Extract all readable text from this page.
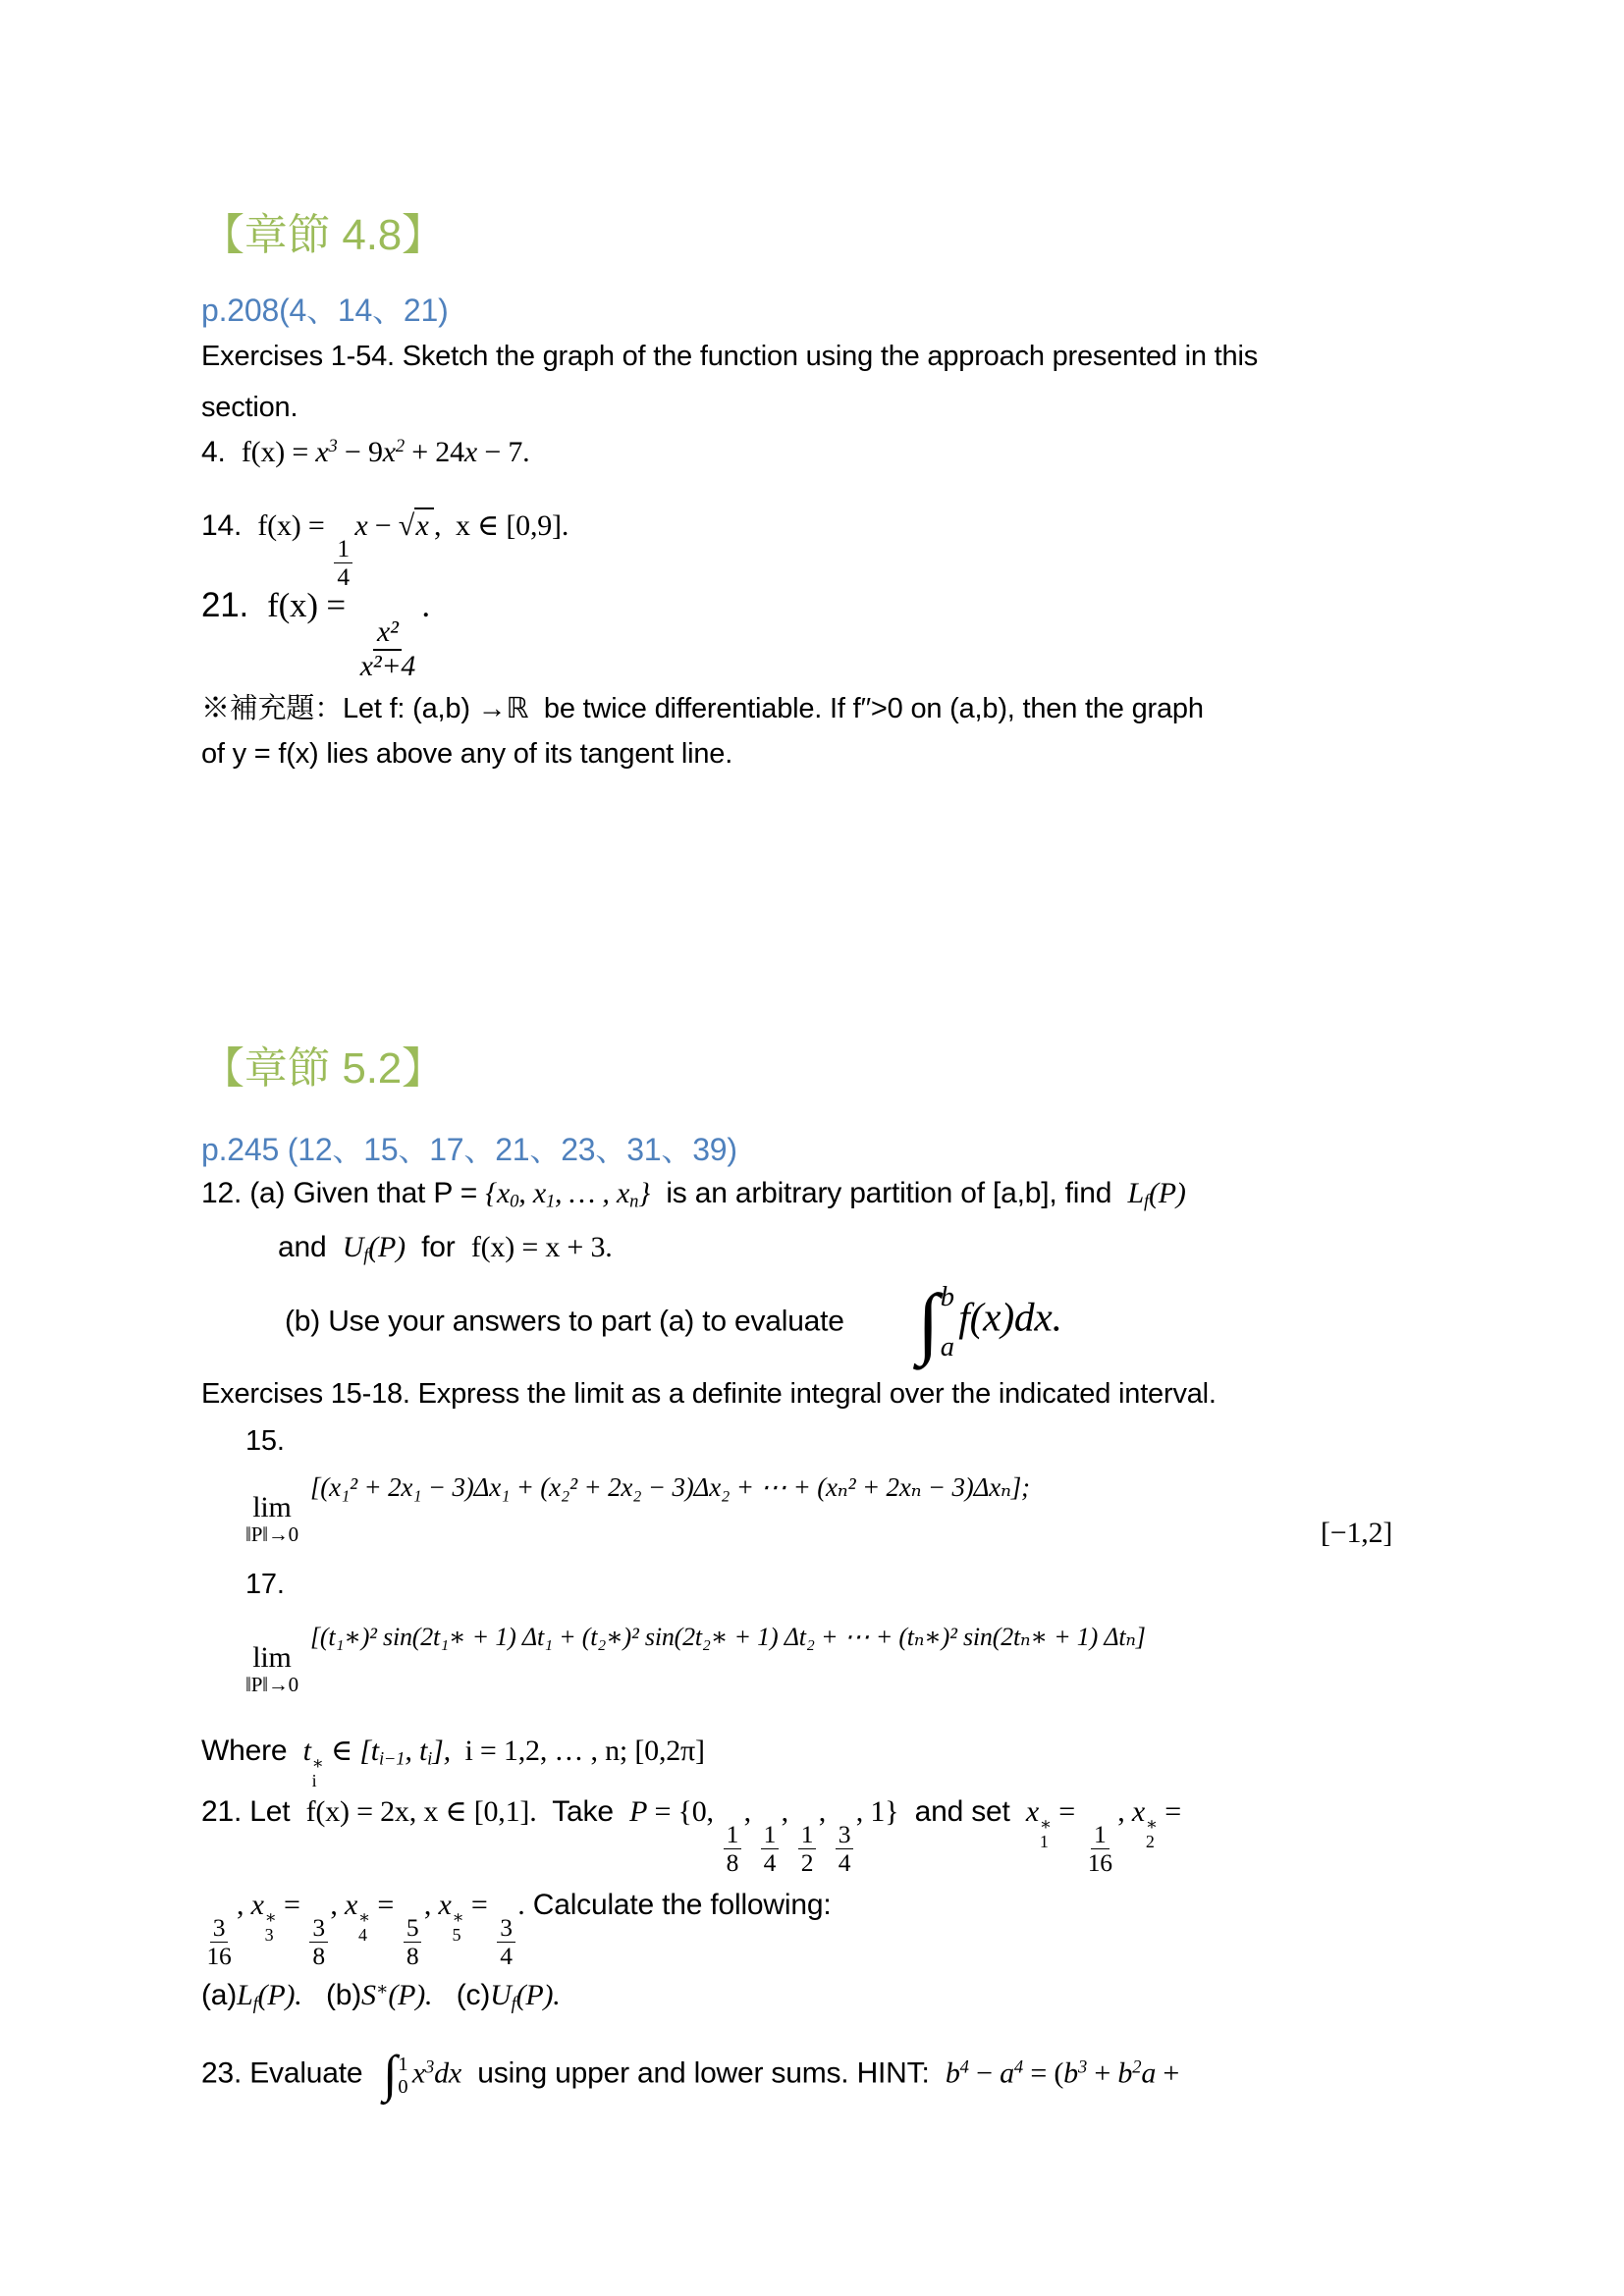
【章節 4.8】
p.208(4、14、21)
Exercises 1-54. Sketch the graph of the function using the approach presented in this
section.
4.  $f(x) = x^3 - 9x^2 + 24x - 7$.
14.  f(x) =
$\frac{1}{4}$
x − √x ,  x ∈ [0,9].
21.  f(x) =
$\frac{\text{x²}}{\text{x²+4}}$
.
※補充題：Let f: (a,b) →ℝ  be twice differentiable. If f′′>0 on (a,b), then the graph
of y = f(x) lies above any of its tangent line.
【章節 5.2】
p.245 (12、15、17、21、23、31、39)
12. (a) Given that P = {x0, x1, … , xn}  is an arbitrary partition of [a,b], find  Lf(P)
and  Uf(P)  for  f(x) = x + 3.
(b) Use your answers to part (a) to evaluate ∫ b
a
f(x)dx.
Exercises 15-18. Express the limit as a definite integral over the indicated interval.
15.
lim
‖P‖→0
[(x₁² + 2x₁ − 3)Δx₁ + (x₂² + 2x₂ − 3)Δx₂ + ⋯ + (xₙ² + 2xₙ − 3)Δxₙ];
[−1,2]
17.
lim
‖P‖→0
[(t₁∗)² sin(2t₁∗ + 1) Δt₁ + (t₂∗)² sin(2t₂∗ + 1) Δt₂ + ⋯ + (tₙ∗)² sin(2tₙ∗ + 1) Δtₙ]
Where  t ∗
i
∈ [ti−1, ti],  i = 1,2, … , n; [0,2π]
21. Let  f(x) = 2x, x ∈ [0,1].  Take  P = {0,
$\frac{1}{8}$
,
$\frac{1}{4}$
,
$\frac{1}{2}$
,
$\frac{3}{4}$
, 1}  and set  x ∗
1
=
$\frac{1}{16}$
, x ∗
2
=
$\frac{3}{16}$
, x ∗
3
=
$\frac{3}{8}$
, x ∗
4
=
$\frac{5}{8}$
, x ∗
5
=
$\frac{3}{4}$
. Calculate the following:
(a)Lf(P).   (b)S∗(P).   (c)Uf(P).
23. Evaluate ∫ 1
0 $x^3dx$  using upper and lower sums. HINT:  $b^4 - a^4 = (b^3 + b^2a$ +
